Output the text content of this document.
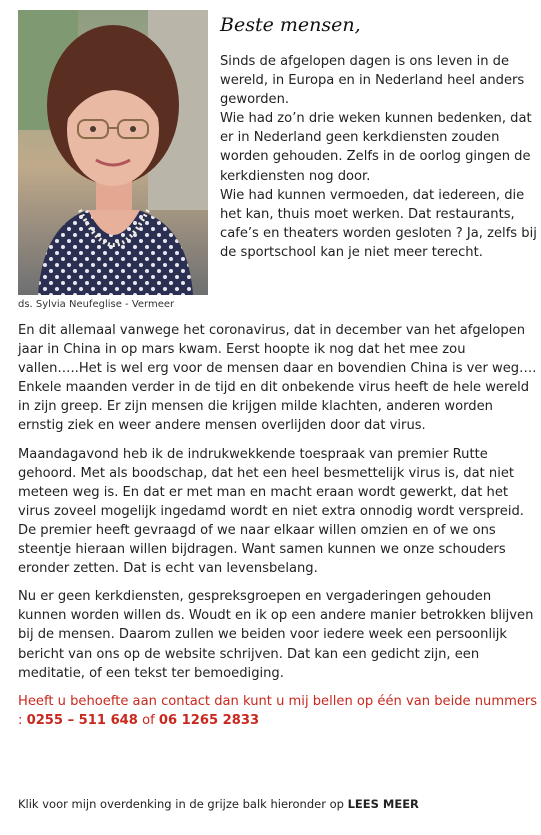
ds. Sylvia Neufeglise - Vermeer
Beste mensen,

Sinds de afgelopen dagen is ons leven in de wereld, in Europa en in Nederland heel anders geworden.

Wie had zo’n drie weken kunnen bedenken, dat er in Nederland geen kerkdiensten zouden worden gehouden. Zelfs in de oorlog gingen de kerkdiensten nog door.

Wie had kunnen vermoeden, dat iedereen, die het kan, thuis moet werken. Dat restaurants, cafe’s en theaters worden gesloten ? Ja, zelfs bij de sportschool kan je niet meer terecht.

En dit allemaal vanwege het coronavirus, dat in december van het afgelopen jaar in China in op mars kwam. Eerst hoopte ik nog dat het mee zou vallen…..Het is wel erg voor de mensen daar en bovendien China is ver weg…. Enkele maanden verder in de tijd en dit onbekende virus heeft de hele wereld in zijn greep. Er zijn mensen die krijgen milde klachten, anderen worden ernstig ziek en weer andere mensen overlijden door dat virus.

Maandagavond heb ik de indrukwekkende toespraak van premier Rutte gehoord. Met als boodschap, dat het een heel besmettelijk virus is, dat niet meteen weg is. En dat er met man en macht eraan wordt gewerkt, dat het virus zoveel mogelijk ingedamd wordt en niet extra onnodig wordt verspreid. De premier heeft gevraagd of we naar elkaar willen omzien en of we ons steentje hieraan willen bijdragen. Want samen kunnen we onze schouders eronder zetten. Dat is echt van levensbelang.

Nu er geen kerkdiensten, gespreksgroepen en vergaderingen gehouden kunnen worden willen ds. Woudt en ik op een andere manier betrokken blijven bij de mensen. Daarom zullen we beiden voor iedere week een persoonlijk bericht van ons op de website schrijven. Dat kan een gedicht zijn, een meditatie, of een tekst ter bemoediging.

Heeft u behoefte aan contact dan kunt u mij bellen op één van beide nummers : 0255 – 511 648 of 06 1265 2833

Klik voor mijn overdenking in de grijze balk hieronder op LEES MEER
